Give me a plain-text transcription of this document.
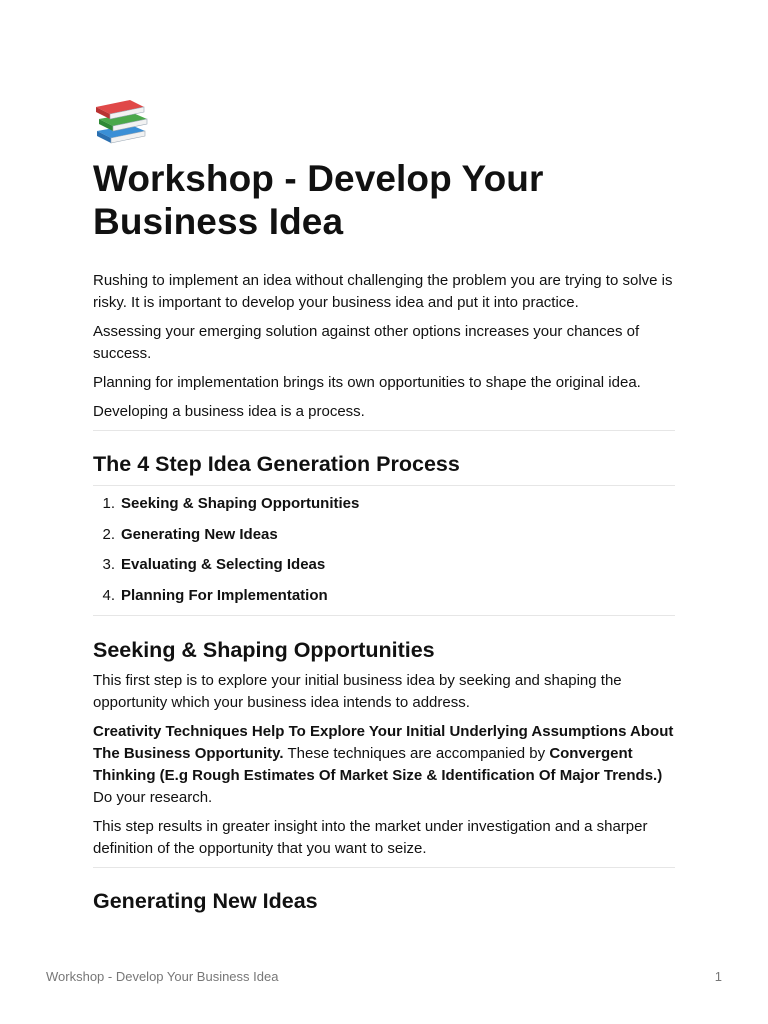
Workshop - Develop Your Business Idea

Rushing to implement an idea without challenging the problem you are trying to solve is risky. It is important to develop your business idea and put it into practice.

Assessing your emerging solution against other options increases your chances of success.

Planning for implementation brings its own opportunities to shape the original idea.

Developing a business idea is a process.

The 4 Step Idea Generation Process
1. Seeking & Shaping Opportunities
2. Generating New Ideas
3. Evaluating & Selecting Ideas
4. Planning For Implementation
Seeking & Shaping Opportunities

This first step is to explore your initial business idea by seeking and shaping the opportunity which your business idea intends to address.

Creativity Techniques Help To Explore Your Initial Underlying Assumptions About The Business Opportunity. These techniques are accompanied by Convergent Thinking (E.g Rough Estimates Of Market Size & Identification Of Major Trends.) Do your research.

This step results in greater insight into the market under investigation and a sharper definition of the opportunity that you want to seize.

Generating New Ideas
Workshop - Develop Your Business Idea	1
